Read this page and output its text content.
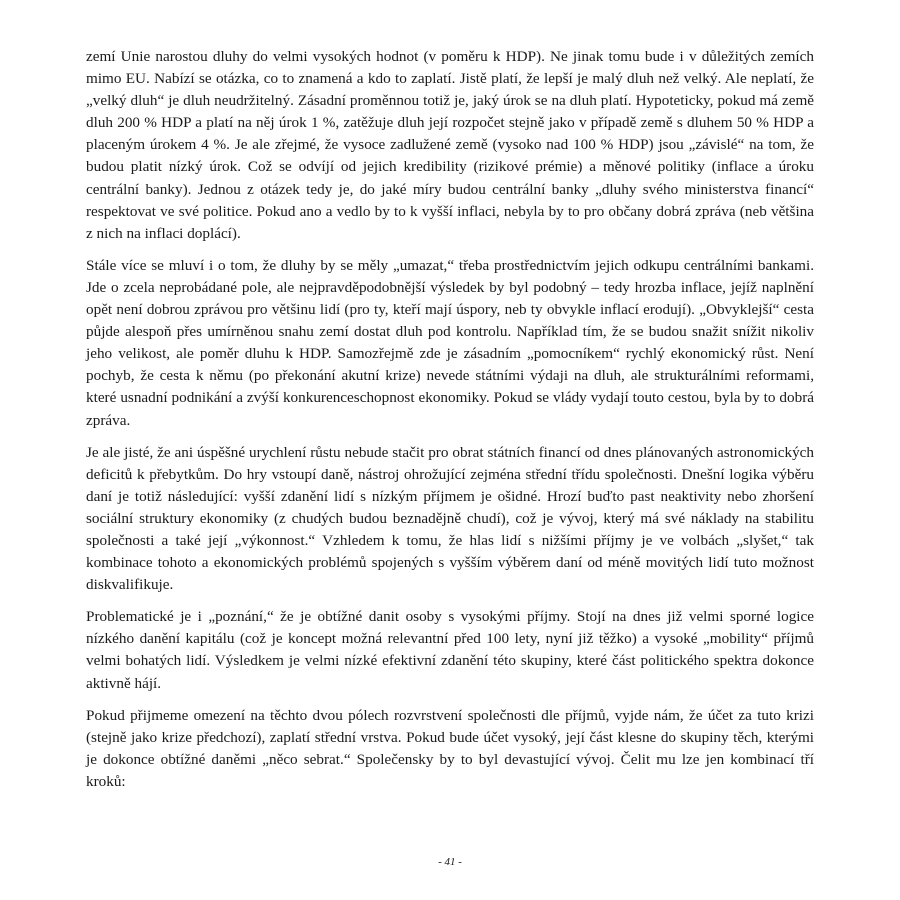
zemí Unie narostou dluhy do velmi vysokých hodnot (v poměru k HDP). Ne jinak tomu bude i v důležitých zemích mimo EU. Nabízí se otázka, co to znamená a kdo to zaplatí. Jistě platí, že lepší je malý dluh než velký. Ale neplatí, že „velký dluh“ je dluh neudržitelný. Zásadní proměnnou totiž je, jaký úrok se na dluh platí. Hypoteticky, pokud má země dluh 200 % HDP a platí na něj úrok 1 %, zatěžuje dluh její rozpočet stejně jako v případě země s dluhem 50 % HDP a placeným úrokem 4 %. Je ale zřejmé, že vysoce zadlužené země (vysoko nad 100 % HDP) jsou „závislé“ na tom, že budou platit nízký úrok. Což se odvíjí od jejich kredibility (rizikové prémie) a měnové politiky (inflace a úroku centrální banky). Jednou z otázek tedy je, do jaké míry budou centrální banky „dluhy svého ministerstva financí“ respektovat ve své politice. Pokud ano a vedlo by to k vyšší inflaci, nebyla by to pro občany dobrá zpráva (neb většina z nich na inflaci doplácí).

Stále více se mluví i o tom, že dluhy by se měly „umazat,“ třeba prostřednictvím jejich odkupu centrálními bankami. Jde o zcela neprobádané pole, ale nejpravděpodobnější výsledek by byl podobný – tedy hrozba inflace, jejíž naplnění opět není dobrou zprávou pro většinu lidí (pro ty, kteří mají úspory, neb ty obvykle inflací erodují). „Obvyklejší“ cesta půjde alespoň přes umírněnou snahu zemí dostat dluh pod kontrolu. Například tím, že se budou snažit snížit nikoliv jeho velikost, ale poměr dluhu k HDP. Samozřejmě zde je zásadním „pomocníkem“ rychlý ekonomický růst. Není pochyb, že cesta k němu (po překonání akutní krize) nevede státními výdaji na dluh, ale strukturálními reformami, které usnadní podnikání a zvýší konkurenceschopnost ekonomiky. Pokud se vlády vydají touto cestou, byla by to dobrá zpráva.

Je ale jisté, že ani úspěšné urychlení růstu nebude stačit pro obrat státních financí od dnes plánovaných astronomických deficitů k přebytkům. Do hry vstoupí daně, nástroj ohrožující zejména střední třídu společnosti. Dnešní logika výběru daní je totiž následující: vyšší zdanění lidí s nízkým příjmem je ošidné. Hrozí buďto past neaktivity nebo zhoršení sociální struktury ekonomiky (z chudých budou beznadějně chudí), což je vývoj, který má své náklady na stabilitu společnosti a také její „výkonnost.“ Vzhledem k tomu, že hlas lidí s nižšími příjmy je ve volbách „slyšet,“ tak kombinace tohoto a ekonomických problémů spojených s vyšším výběrem daní od méně movitých lidí tuto možnost diskvalifikuje.

Problematické je i „poznání,“ že je obtížné danit osoby s vysokými příjmy. Stojí na dnes již velmi sporné logice nízkého danění kapitálu (což je koncept možná relevantní před 100 lety, nyní již těžko) a vysoké „mobility“ příjmů velmi bohatých lidí. Výsledkem je velmi nízké efektivní zdanění této skupiny, které část politického spektra dokonce aktivně hájí.

Pokud přijmeme omezení na těchto dvou pólech rozvrstvení společnosti dle příjmů, vyjde nám, že účet za tuto krizi (stejně jako krize předchozí), zaplatí střední vrstva. Pokud bude účet vysoký, její část klesne do skupiny těch, kterými je dokonce obtížné daněmi „něco sebrat.“ Společensky by to byl devastující vývoj. Čelit mu lze jen kombinací tří kroků:

- 41 -
